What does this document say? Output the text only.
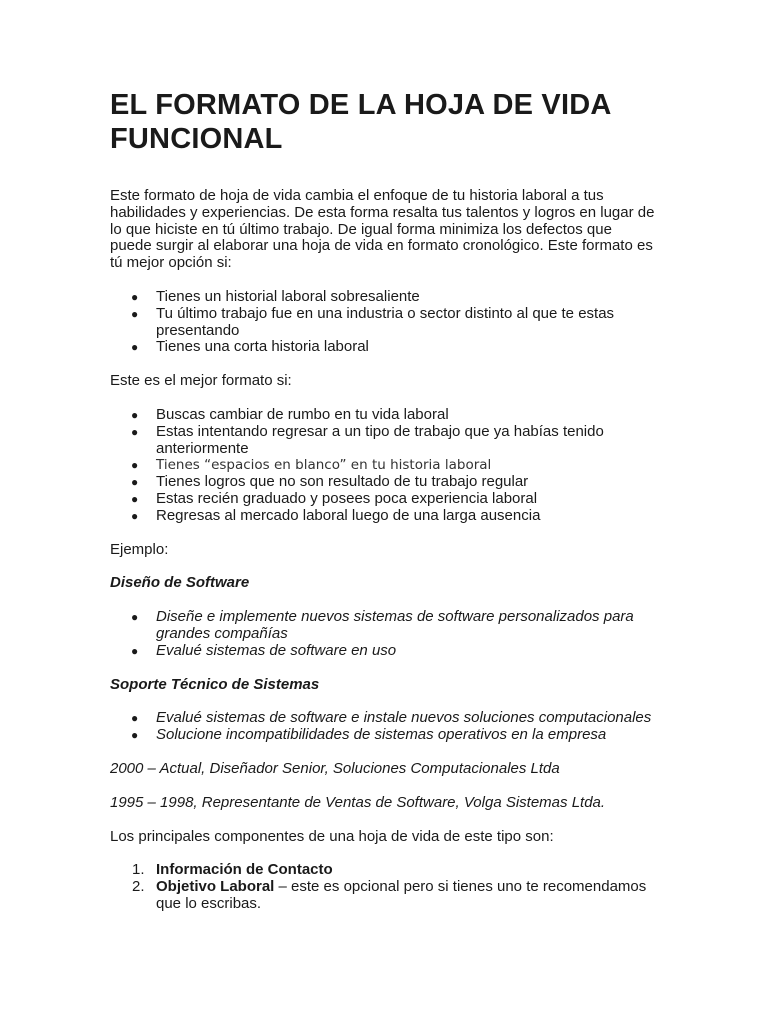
EL FORMATO DE LA HOJA DE VIDA FUNCIONAL

Este formato de hoja de vida cambia el enfoque de tu historia laboral a tus habilidades y experiencias. De esta forma resalta tus talentos y logros en lugar de lo que hiciste en tú último trabajo. De igual forma minimiza los defectos que puede surgir al elaborar una hoja de vida en formato cronológico. Este formato es tú mejor opción si:

● Tienes un historial laboral sobresaliente
● Tu último trabajo fue en una industria o sector distinto al que te estas presentando
● Tienes una corta historia laboral

Este es el mejor formato si:

● Buscas cambiar de rumbo en tu vida laboral
● Estas intentando regresar a un tipo de trabajo que ya habías tenido anteriormente
● Tienes “espacios en blanco” en tu historia laboral
● Tienes logros que no son resultado de tu trabajo regular
● Estas recién graduado y posees poca experiencia laboral
● Regresas al mercado laboral luego de una larga ausencia

Ejemplo:

Diseño de Software

● Diseñe e implemente nuevos sistemas de software personalizados para grandes compañías
● Evalué sistemas de software en uso

Soporte Técnico de Sistemas

● Evalué sistemas de software e instale nuevos soluciones computacionales
● Solucione incompatibilidades de sistemas operativos en la empresa

2000 – Actual, Diseñador Senior, Soluciones Computacionales Ltda

1995 – 1998, Representante de Ventas de Software, Volga Sistemas Ltda.

Los principales componentes de una hoja de vida de este tipo son:

1. Información de Contacto
2. Objetivo Laboral – este es opcional pero si tienes uno te recomendamos que lo escribas.
